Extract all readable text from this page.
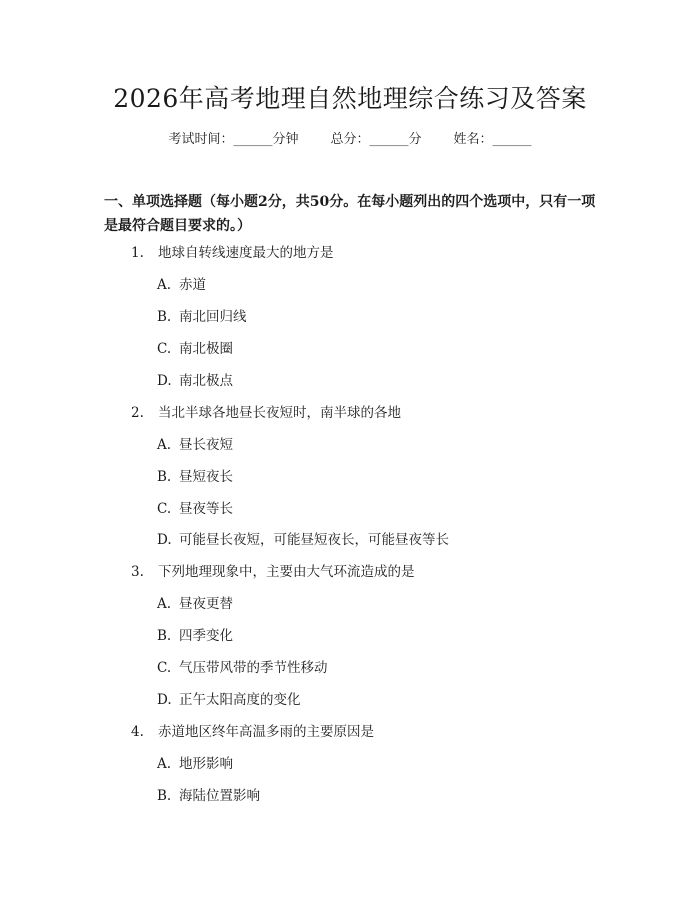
2026年高考地理自然地理综合练习及答案
考试时间：______分钟 总分：______分 姓名：______
一、单项选择题（每小题2分，共50分。在每小题列出的四个选项中，只有一项是最符合题目要求的。）
1. 地球自转线速度最大的地方是
A. 赤道
B. 南北回归线
C. 南北极圈
D. 南北极点
2. 当北半球各地昼长夜短时，南半球的各地
A. 昼长夜短
B. 昼短夜长
C. 昼夜等长
D. 可能昼长夜短，可能昼短夜长，可能昼夜等长
3. 下列地理现象中，主要由大气环流造成的是
A. 昼夜更替
B. 四季变化
C. 气压带风带的季节性移动
D. 正午太阳高度的变化
4. 赤道地区终年高温多雨的主要原因是
A. 地形影响
B. 海陆位置影响
